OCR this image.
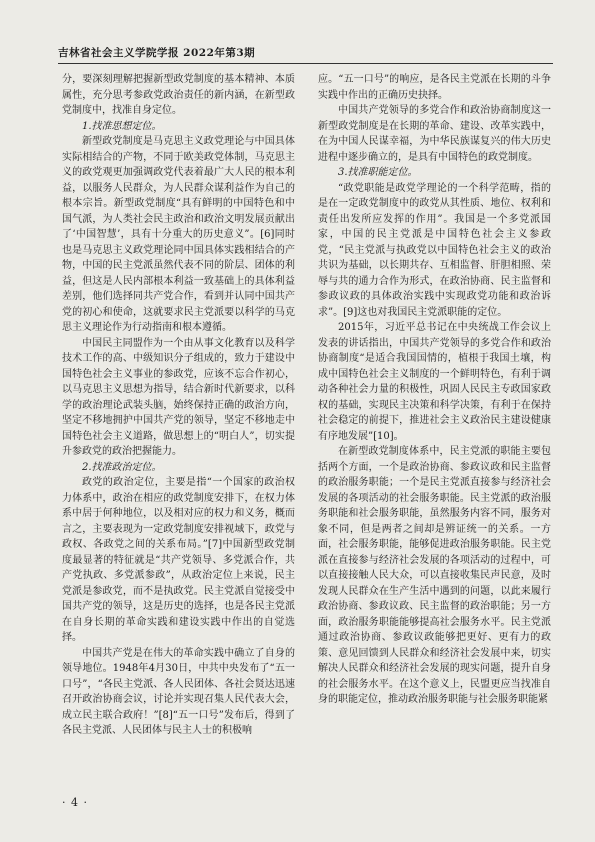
吉林省社会主义学院学报 2022年第3期

分，要深刻理解把握新型政党制度的基本精神、本质属性，充分思考参政党政治责任的新内涵，在新型政党制度中，找准自身定位。

1.找准思想定位。

新型政党制度是马克思主义政党理论与中国具体实际相结合的产物，不同于欧美政党体制，马克思主义的政党观更加强调政党代表着最广大人民的根本利益，以服务人民群众，为人民群众谋利益作为自己的根本宗旨。新型政党制度“具有鲜明的中国特色和中国气派，为人类社会民主政治和政治文明发展贡献出了‘中国智慧’，具有十分重大的历史意义”。[6]同时也是马克思主义政党理论同中国具体实践相结合的产物，中国的民主党派虽然代表不同的阶层、团体的利益，但这是人民内部根本利益一致基础上的具体利益差别，他们选择同共产党合作，看到并认同中国共产党的初心和使命，这就要求民主党派要以科学的马克思主义理论作为行动指南和根本遵循。

中国民主同盟作为一个由从事文化教育以及科学技术工作的高、中级知识分子组成的，致力于建设中国特色社会主义事业的参政党，应该不忘合作初心，以马克思主义思想为指导，结合新时代新要求，以科学的政治理论武装头脑，始终保持正确的政治方向，坚定不移地拥护中国共产党的领导，坚定不移地走中国特色社会主义道路，做思想上的“明白人”，切实提升参政党的政治把握能力。

2.找准政治定位。

政党的政治定位，主要是指“一个国家的政治权力体系中，政治在相应的政党制度安排下，在权力体系中居于何种地位，以及相对应的权力和义务，概而言之，主要表现为一定政党制度安排视域下，政党与政权、各政党之间的关系布局。”[7]中国新型政党制度最显著的特征就是“共产党领导、多党派合作，共产党执政、多党派参政”，从政治定位上来说，民主党派是参政党，而不是执政党。民主党派自觉接受中国共产党的领导，这是历史的选择，也是各民主党派在自身长期的革命实践和建设实践中作出的自觉选择。

中国共产党是在伟大的革命实践中确立了自身的领导地位。1948年4月30日，中共中央发布了“五一口号”，“各民主党派、各人民团体、各社会贤达迅速召开政治协商会议，讨论并实现召集人民代表大会，成立民主联合政府！”[8]“五一口号”发布后，得到了各民主党派、人民团体与民主人士的积极响

应。“五一口号”的响应，是各民主党派在长期的斗争实践中作出的正确历史抉择。

中国共产党领导的多党合作和政治协商制度这一新型政党制度是在长期的革命、建设、改革实践中，在为中国人民谋幸福，为中华民族谋复兴的伟大历史进程中逐步确立的，是具有中国特色的政党制度。

3.找准职能定位。

“政党职能是政党学理论的一个科学范畴，指的是在一定政党制度中的政党从其性质、地位、权利和责任出发所应发挥的作用”。我国是一个多党派国家，中国的民主党派是中国特色社会主义参政党，“民主党派与执政党以中国特色社会主义的政治共识为基础，以长期共存、互相监督、肝胆相照、荣辱与共的通力合作为形式，在政治协商、民主监督和参政议政的具体政治实践中实现政党功能和政治诉求”。[9]这也对我国民主党派职能的定位。

2015年，习近平总书记在中央统战工作会议上发表的讲话指出，中国共产党领导的多党合作和政治协商制度“是适合我国国情的，植根于我国土壤，构成中国特色社会主义制度的一个鲜明特色，有利于调动各种社会力量的积极性，巩固人民民主专政国家政权的基础，实现民主决策和科学决策，有利于在保持社会稳定的前提下，推进社会主义政治民主建设健康有序地发展”[10]。

在新型政党制度体系中，民主党派的职能主要包括两个方面，一个是政治协商、参政议政和民主监督的政治服务职能；一个是民主党派直接参与经济社会发展的各项活动的社会服务职能。民主党派的政治服务职能和社会服务职能，虽然服务内容不同，服务对象不同，但是两者之间却是辨证统一的关系。一方面，社会服务职能，能够促进政治服务职能。民主党派在直接参与经济社会发展的各项活动的过程中，可以直接接触人民大众，可以直接收集民声民意，及时发现人民群众在生产生活中遇到的问题，以此来履行政治协商、参政议政、民主监督的政治职能；另一方面，政治服务职能能够提高社会服务水平。民主党派通过政治协商、参政议政能够把更好、更有力的政策、意见回馈到人民群众和经济社会发展中来，切实解决人民群众和经济社会发展的现实问题，提升自身的社会服务水平。在这个意义上，民盟更应当找准自身的职能定位，推动政治服务职能与社会服务职能紧

· 4 ·
